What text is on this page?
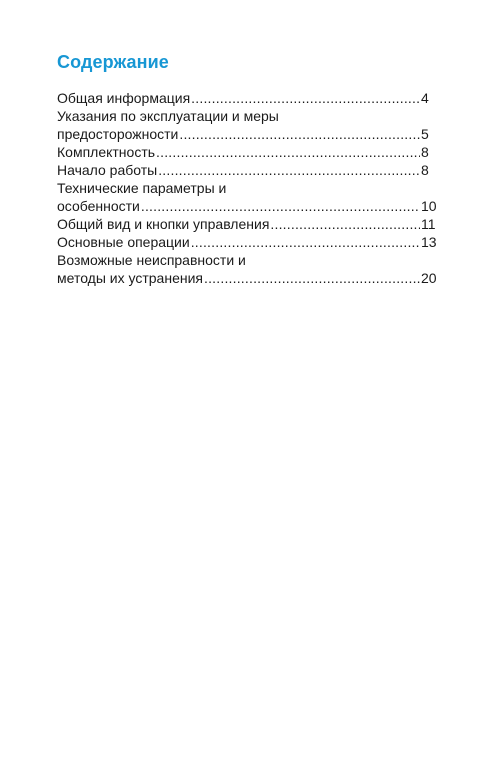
Содержание
Общая информация .....	4
Указания по эксплуатации и меры
предосторожности .....	5
Комплектность .....	8
Начало работы .....	8
Технические параметры и
особенности .....	10
Общий вид и кнопки управления .....	11
Основные операции .....	13
Возможные неисправности и
методы их устранения .....	20
